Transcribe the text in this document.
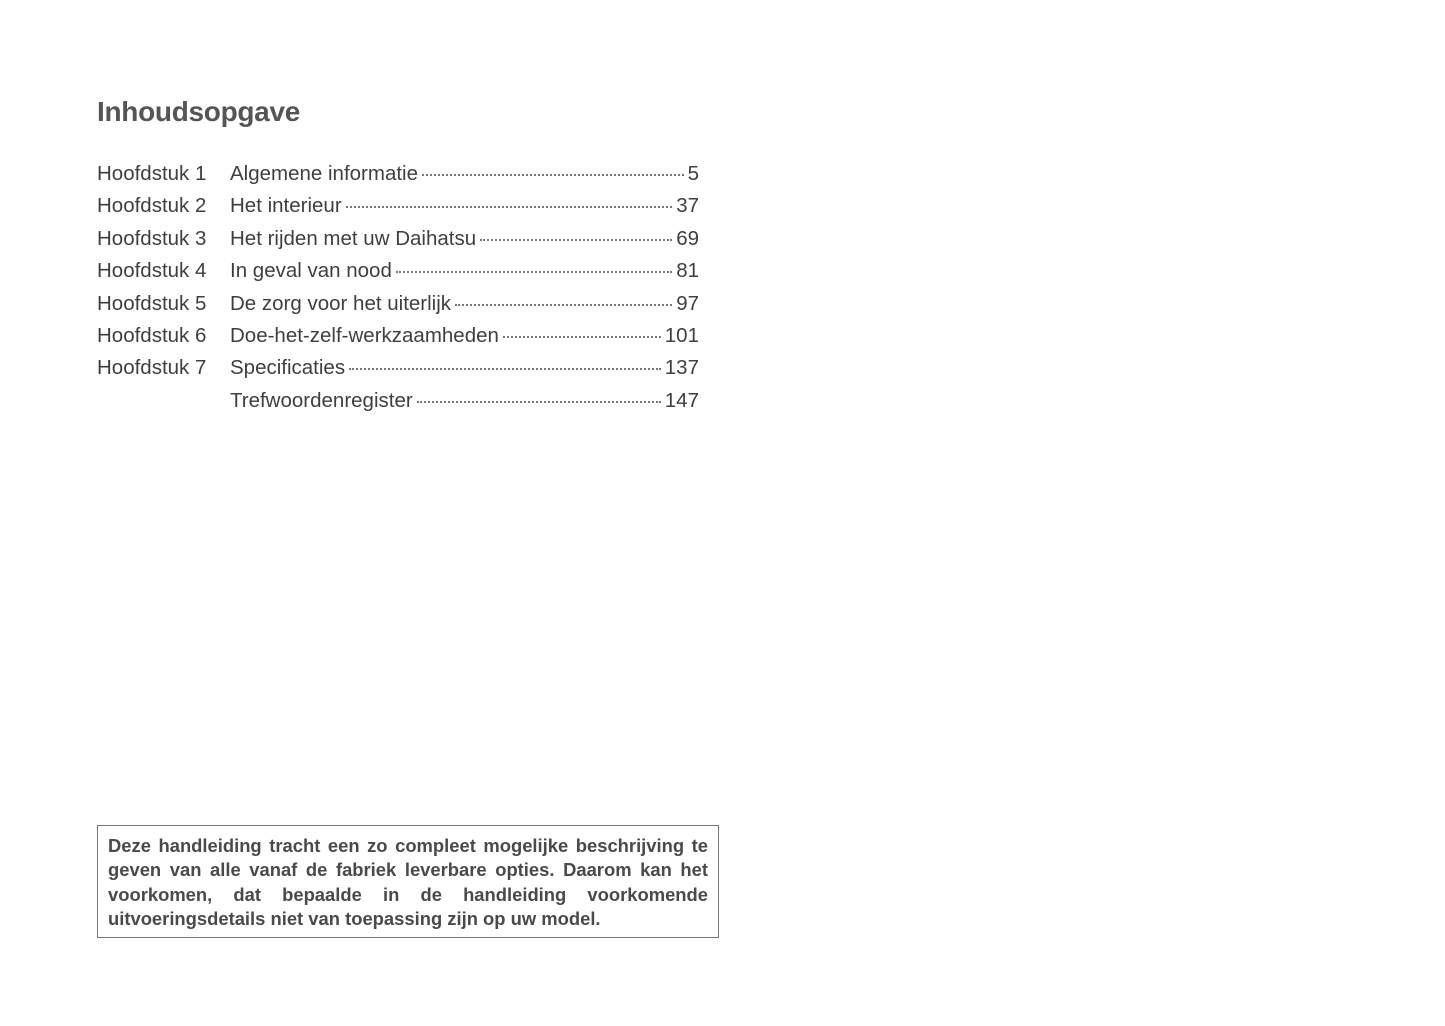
Inhoudsopgave
Hoofdstuk 1	Algemene informatie	5
Hoofdstuk 2	Het interieur	37
Hoofdstuk 3	Het rijden met uw Daihatsu	69
Hoofdstuk 4	In geval van nood	81
Hoofdstuk 5	De zorg voor het uiterlijk	97
Hoofdstuk 6	Doe-het-zelf-werkzaamheden	101
Hoofdstuk 7	Specificaties	137
Trefwoordenregister	147
Deze handleiding tracht een zo compleet mogelijke beschrijving te geven van alle vanaf de fabriek leverbare opties. Daarom kan het voorkomen, dat bepaalde in de handleiding voorkomende uitvoeringsdetails niet van toepassing zijn op uw model.
